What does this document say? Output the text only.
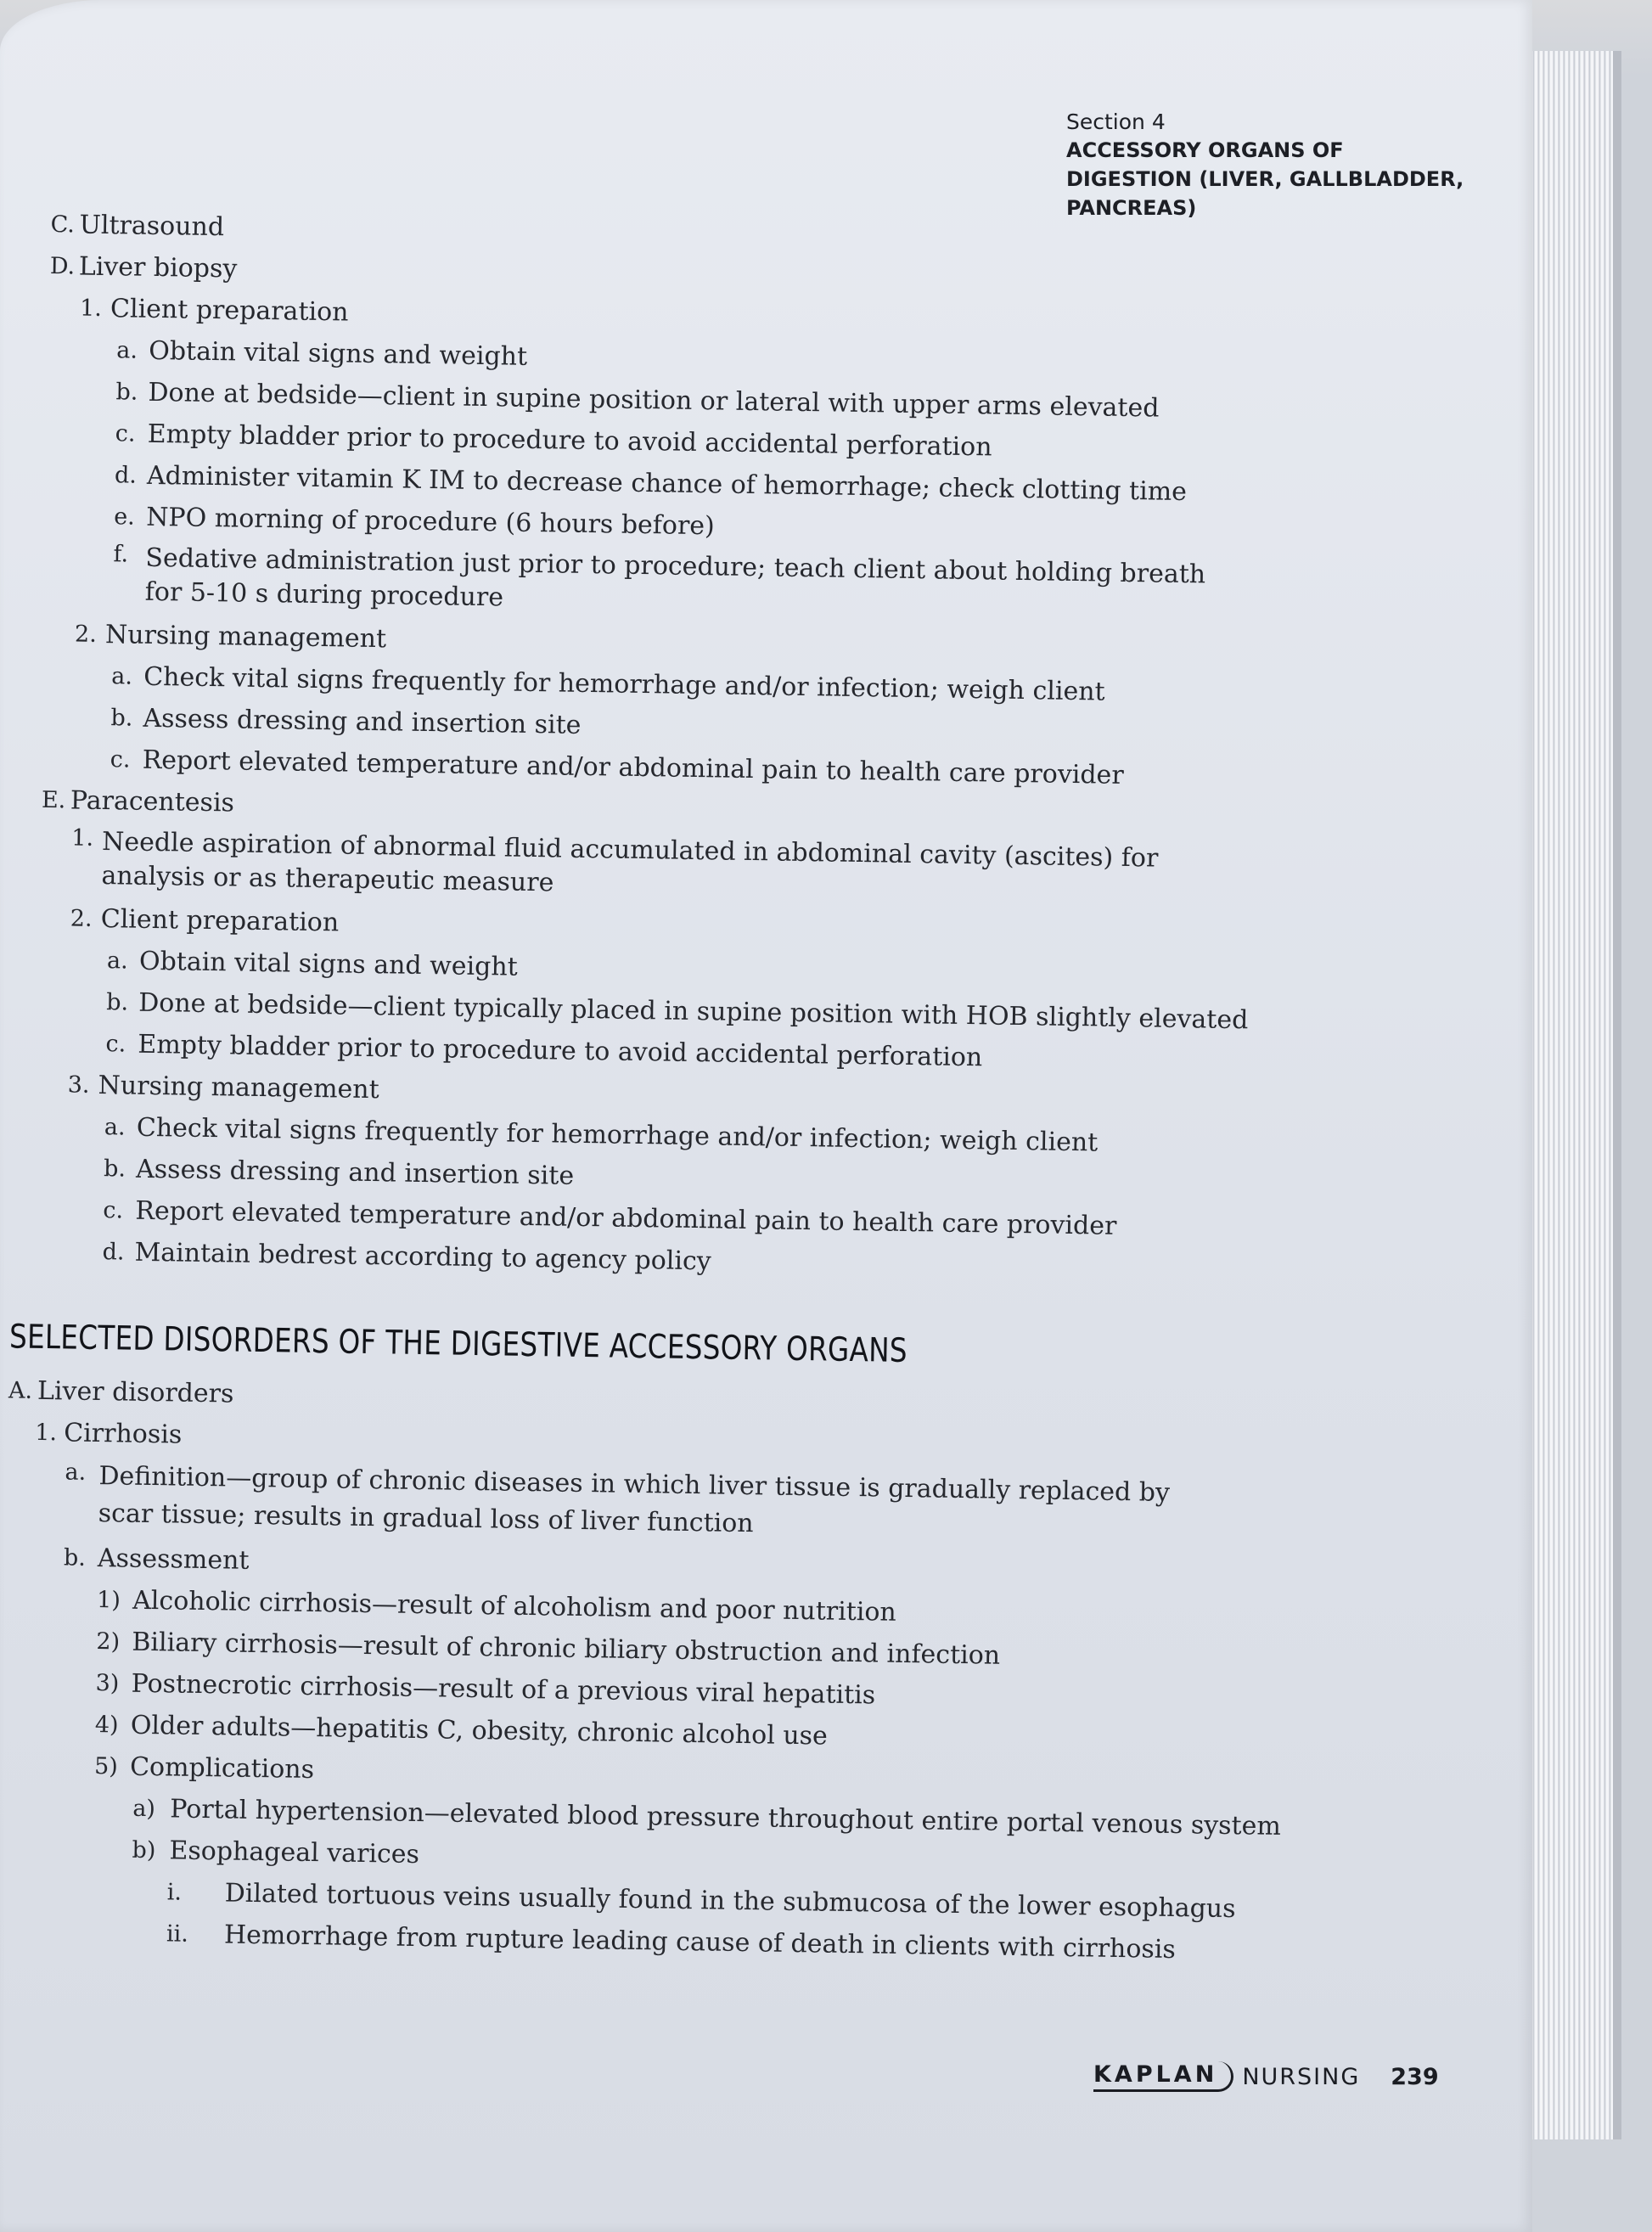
Section 4
ACCESSORY ORGANS OF
DIGESTION (LIVER, GALLBLADDER,
PANCREAS)
C. Ultrasound
D. Liver biopsy
1. Client preparation
a. Obtain vital signs and weight
b. Done at bedside—client in supine position or lateral with upper arms elevated
c. Empty bladder prior to procedure to avoid accidental perforation
d. Administer vitamin K IM to decrease chance of hemorrhage; check clotting time
e. NPO morning of procedure (6 hours before)
f. Sedative administration just prior to procedure; teach client about holding breath for 5-10 s during procedure
2. Nursing management
a. Check vital signs frequently for hemorrhage and/or infection; weigh client
b. Assess dressing and insertion site
c. Report elevated temperature and/or abdominal pain to health care provider
E. Paracentesis
1. Needle aspiration of abnormal fluid accumulated in abdominal cavity (ascites) for analysis or as therapeutic measure
2. Client preparation
a. Obtain vital signs and weight
b. Done at bedside—client typically placed in supine position with HOB slightly elevated
c. Empty bladder prior to procedure to avoid accidental perforation
3. Nursing management
a. Check vital signs frequently for hemorrhage and/or infection; weigh client
b. Assess dressing and insertion site
c. Report elevated temperature and/or abdominal pain to health care provider
d. Maintain bedrest according to agency policy
SELECTED DISORDERS OF THE DIGESTIVE ACCESSORY ORGANS
A. Liver disorders
1. Cirrhosis
a. Definition—group of chronic diseases in which liver tissue is gradually replaced by scar tissue; results in gradual loss of liver function
b. Assessment
1) Alcoholic cirrhosis—result of alcoholism and poor nutrition
2) Biliary cirrhosis—result of chronic biliary obstruction and infection
3) Postnecrotic cirrhosis—result of a previous viral hepatitis
4) Older adults—hepatitis C, obesity, chronic alcohol use
5) Complications
a) Portal hypertension—elevated blood pressure throughout entire portal venous system
b) Esophageal varices
i.	Dilated tortuous veins usually found in the submucosa of the lower esophagus
ii.	Hemorrhage from rupture leading cause of death in clients with cirrhosis
KAPLAN	NURSING 239
